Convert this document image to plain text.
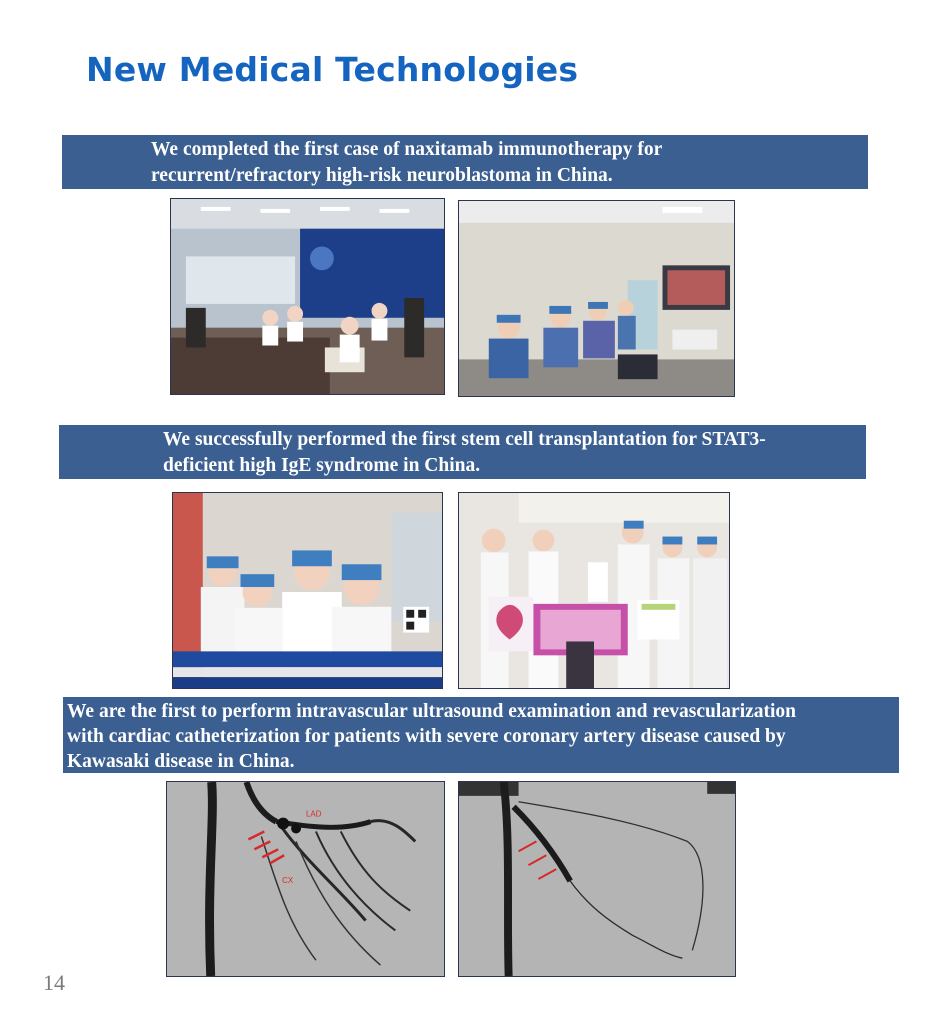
New Medical Technologies
We completed the first case of naxitamab immunotherapy for
recurrent/refractory high-risk neuroblastoma in China.
We successfully performed the first stem cell transplantation for STAT3-
deficient high IgE syndrome in China.
We are the first to perform intravascular ultrasound examination and revascularization
with cardiac catheterization for patients with severe coronary artery disease caused by
Kawasaki disease in China.
LAD
CX
14
